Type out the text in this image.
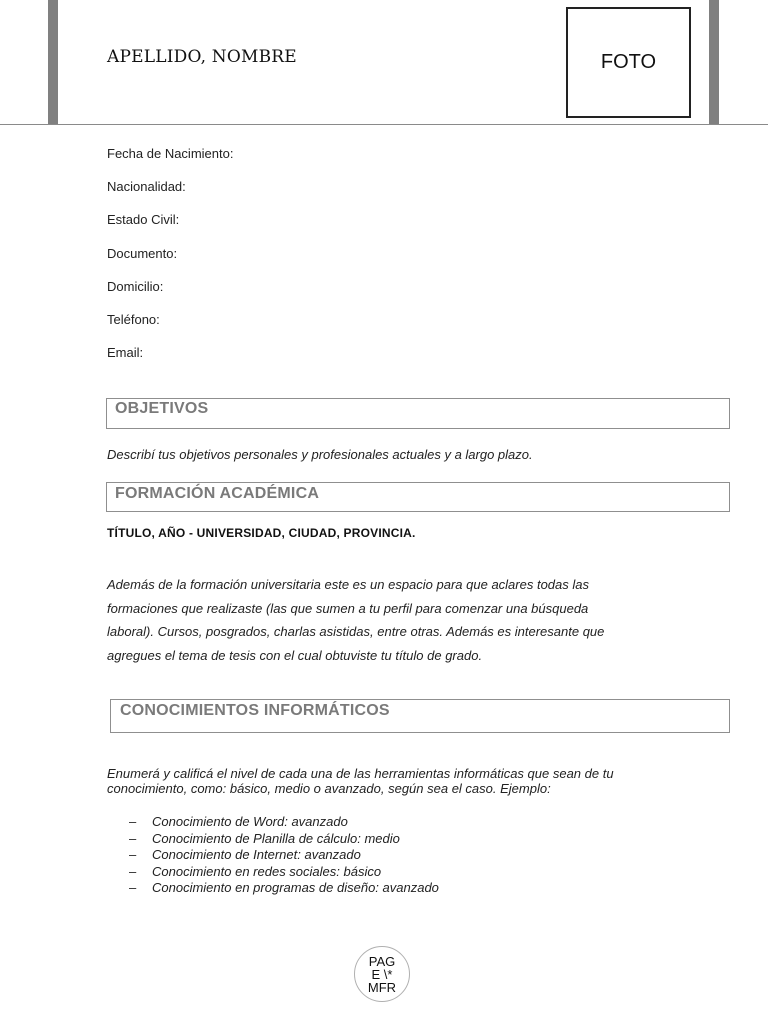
APELLIDO, NOMBRE	FOTO
Fecha de Nacimiento:
Nacionalidad:
Estado Civil:
Documento:
Domicilio:
Teléfono:
Email:
OBJETIVOS
Describí tus objetivos personales y profesionales actuales y a largo plazo.
FORMACIÓN ACADÉMICA
TÍTULO, AÑO - UNIVERSIDAD, CIUDAD, PROVINCIA.
Además de la formación universitaria este es un espacio para que aclares todas las
formaciones que realizaste (las que sumen a tu perfil para comenzar una búsqueda
laboral). Cursos, posgrados, charlas asistidas, entre otras. Además es interesante que
agregues el tema de tesis con el cual obtuviste tu título de grado.
CONOCIMIENTOS INFORMÁTICOS
Enumerá y calificá el nivel de cada una de las herramientas informáticas que sean de tu conocimiento, como: básico, medio o avanzado, según sea el caso. Ejemplo:
– Conocimiento de Word: avanzado
– Conocimiento de Planilla de cálculo: medio
– Conocimiento de Internet: avanzado
– Conocimiento en redes sociales: básico
– Conocimiento en programas de diseño: avanzado
PAG
E \*
MFR
